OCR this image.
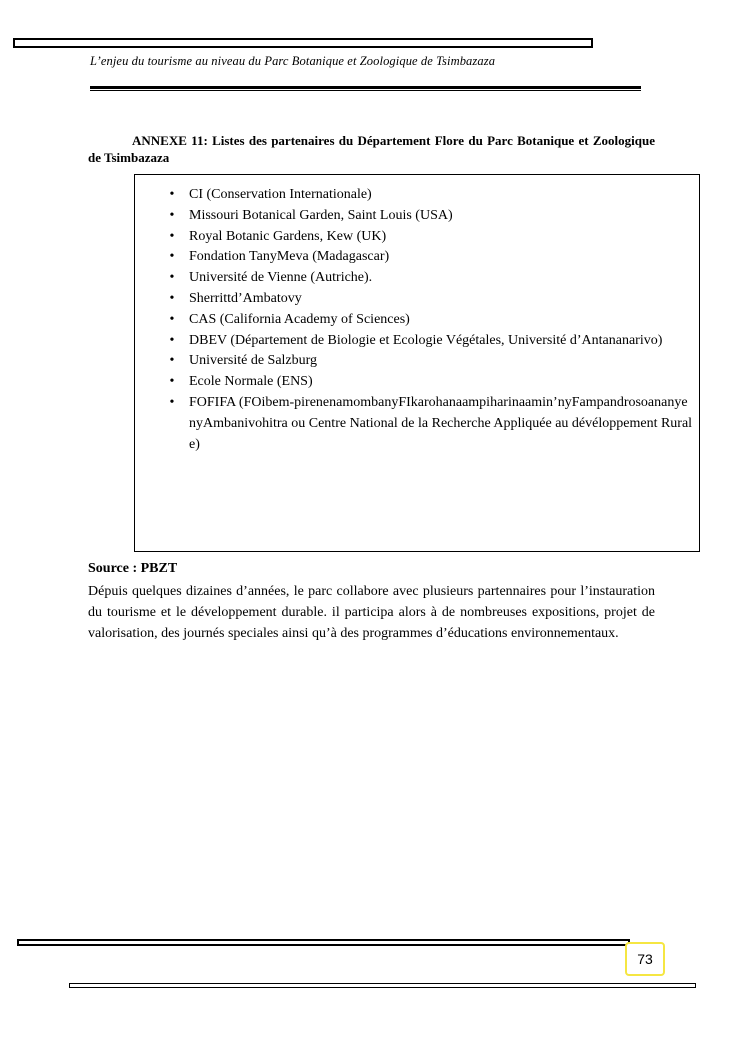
L’enjeu du tourisme au niveau du Parc Botanique et Zoologique de Tsimbazaza
ANNEXE 11: Listes des partenaires du Département Flore du Parc Botanique et Zoologique de Tsimbazaza
•	CI (Conservation Internationale)
•	Missouri Botanical Garden, Saint Louis (USA)
•	Royal Botanic Gardens, Kew (UK)
•	Fondation TanyMeva (Madagascar)
•	Université de Vienne (Autriche).
•	Sherrittd’Ambatovy
•	CAS (California Academy of Sciences)
•	DBEV (Département de Biologie et Ecologie Végétales, Université d’Antananarivo)
•	Université de Salzburg
•	Ecole Normale (ENS)
•	FOFIFA (FOibem-pirenenamombanyFIkarohanaampiharinaamin’nyFampandrosoananyenyAmbanivohitra ou Centre National de la Recherche Appliquée au dévéloppement Rurale)
Source : PBZT
Dépuis quelques dizaines d’années, le parc collabore avec plusieurs partennaires pour l’instauration du tourisme et le développement durable. il participa alors à de nombreuses expositions, projet de valorisation, des journés speciales ainsi qu’à des programmes d’éducations environnementaux.
73
